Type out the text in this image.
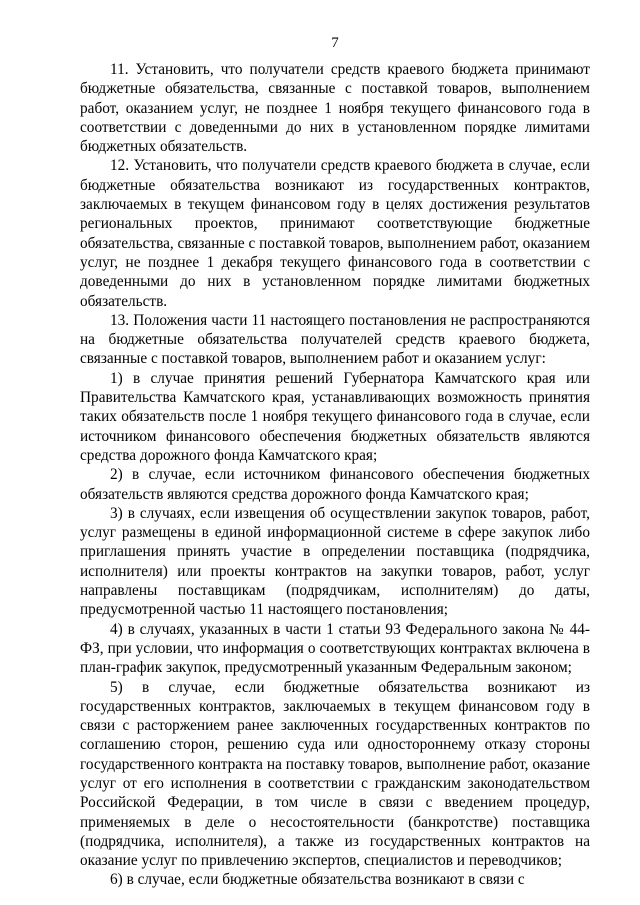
7

11. Установить, что получатели средств краевого бюджета принимают бюджетные обязательства, связанные с поставкой товаров, выполнением работ, оказанием услуг, не позднее 1 ноября текущего финансового года в соответствии с доведенными до них в установленном порядке лимитами бюджетных обязательств.

12. Установить, что получатели средств краевого бюджета в случае, если бюджетные обязательства возникают из государственных контрактов, заключаемых в текущем финансовом году в целях достижения результатов региональных проектов, принимают соответствующие бюджетные обязательства, связанные с поставкой товаров, выполнением работ, оказанием услуг, не позднее 1 декабря текущего финансового года в соответствии с доведенными до них в установленном порядке лимитами бюджетных обязательств.

13. Положения части 11 настоящего постановления не распространяются на бюджетные обязательства получателей средств краевого бюджета, связанные с поставкой товаров, выполнением работ и оказанием услуг:

1) в случае принятия решений Губернатора Камчатского края или Правительства Камчатского края, устанавливающих возможность принятия таких обязательств после 1 ноября текущего финансового года в случае, если источником финансового обеспечения бюджетных обязательств являются средства дорожного фонда Камчатского края;

2) в случае, если источником финансового обеспечения бюджетных обязательств являются средства дорожного фонда Камчатского края;

3) в случаях, если извещения об осуществлении закупок товаров, работ, услуг размещены в единой информационной системе в сфере закупок либо приглашения принять участие в определении поставщика (подрядчика, исполнителя) или проекты контрактов на закупки товаров, работ, услуг направлены поставщикам (подрядчикам, исполнителям) до даты, предусмотренной частью 11 настоящего постановления;

4) в случаях, указанных в части 1 статьи 93 Федерального закона № 44-ФЗ, при условии, что информация о соответствующих контрактах включена в план-график закупок, предусмотренный указанным Федеральным законом;

5) в случае, если бюджетные обязательства возникают из государственных контрактов, заключаемых в текущем финансовом году в связи с расторжением ранее заключенных государственных контрактов по соглашению сторон, решению суда или одностороннему отказу стороны государственного контракта на поставку товаров, выполнение работ, оказание услуг от его исполнения в соответствии с гражданским законодательством Российской Федерации, в том числе в связи с введением процедур, применяемых в деле о несостоятельности (банкротстве) поставщика (подрядчика, исполнителя), а также из государственных контрактов на оказание услуг по привлечению экспертов, специалистов и переводчиков;

6) в случае, если бюджетные обязательства возникают в связи с
